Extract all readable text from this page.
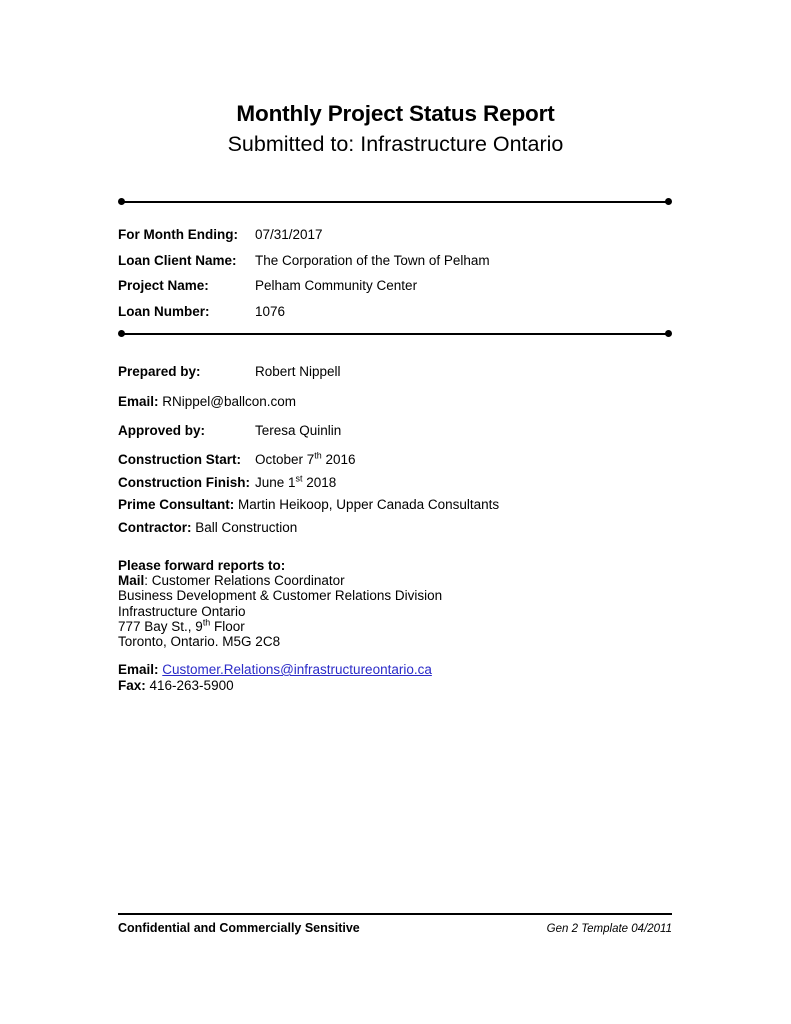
Monthly Project Status Report
Submitted to: Infrastructure Ontario
For Month Ending:	07/31/2017
Loan Client Name:	The Corporation of the Town of Pelham
Project Name:	Pelham Community Center
Loan Number:	1076
Prepared by:	Robert Nippell
Email: RNippel@ballcon.com
Approved by:	Teresa Quinlin
Construction Start:	October 7th 2016
Construction Finish: June 1st 2018
Prime Consultant: Martin Heikoop, Upper Canada Consultants
Contractor: Ball Construction
Please forward reports to:
Mail: Customer Relations Coordinator
Business Development & Customer Relations Division
Infrastructure Ontario
777 Bay St., 9th Floor
Toronto, Ontario. M5G 2C8
Email: Customer.Relations@infrastructureontario.ca
Fax: 416-263-5900
Confidential and Commercially Sensitive	Gen 2 Template 04/2011
